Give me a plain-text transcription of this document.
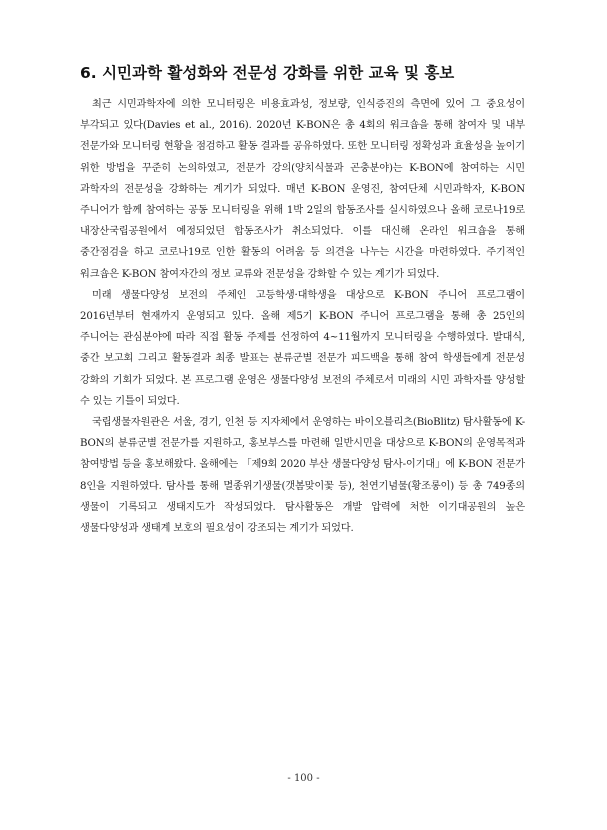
6. 시민과학 활성화와 전문성 강화를 위한 교육 및 홍보

최근 시민과학자에 의한 모니터링은 비용효과성, 정보량, 인식증진의 측면에 있어 그 중요성이 부각되고 있다(Davies et al., 2016). 2020년 K-BON은 총 4회의 워크숍을 통해 참여자 및 내부 전문가와 모니터링 현황을 점검하고 활동 결과를 공유하였다. 또한 모니터링 정확성과 효율성을 높이기 위한 방법을 꾸준히 논의하였고, 전문가 강의(양치식물과 곤충분야)는 K-BON에 참여하는 시민 과학자의 전문성을 강화하는 계기가 되었다. 매년 K-BON 운영진, 참여단체 시민과학자, K-BON 주니어가 함께 참여하는 공동 모니터링을 위해 1박 2일의 합동조사를 실시하였으나 올해 코로나19로 내장산국립공원에서 예정되었던 합동조사가 취소되었다. 이를 대신해 온라인 워크숍을 통해 중간점검을 하고 코로나19로 인한 활동의 어려움 등 의견을 나누는 시간을 마련하였다. 주기적인 워크숍은 K-BON 참여자간의 정보 교류와 전문성을 강화할 수 있는 계기가 되었다.

미래 생물다양성 보전의 주체인 고등학생·대학생을 대상으로 K-BON 주니어 프로그램이 2016년부터 현재까지 운영되고 있다. 올해 제5기 K-BON 주니어 프로그램을 통해 총 25인의 주니어는 관심분야에 따라 직접 활동 주제를 선정하여 4~11월까지 모니터링을 수행하였다. 발대식, 중간 보고회 그리고 활동결과 최종 발표는 분류군별 전문가 피드백을 통해 참여 학생들에게 전문성 강화의 기회가 되었다. 본 프로그램 운영은 생물다양성 보전의 주체로서 미래의 시민 과학자를 양성할 수 있는 기틀이 되었다.

국립생물자원관은 서울, 경기, 인천 등 지자체에서 운영하는 바이오블리츠(BioBlitz) 탐사활동에 K-BON의 분류군별 전문가를 지원하고, 홍보부스를 마련해 일반시민을 대상으로 K-BON의 운영목적과 참여방법 등을 홍보해왔다. 올해에는 「제9회 2020 부산 생물다양성 탐사-이기대」에 K-BON 전문가 8인을 지원하였다. 탐사를 통해 멸종위기생물(갯봄맞이꽃 등), 천연기념물(황조롱이) 등 총 749종의 생물이 기록되고 생태지도가 작성되었다. 탐사활동은 개발 압력에 처한 이기대공원의 높은 생물다양성과 생태계 보호의 필요성이 강조되는 계기가 되었다.

- 100 -
